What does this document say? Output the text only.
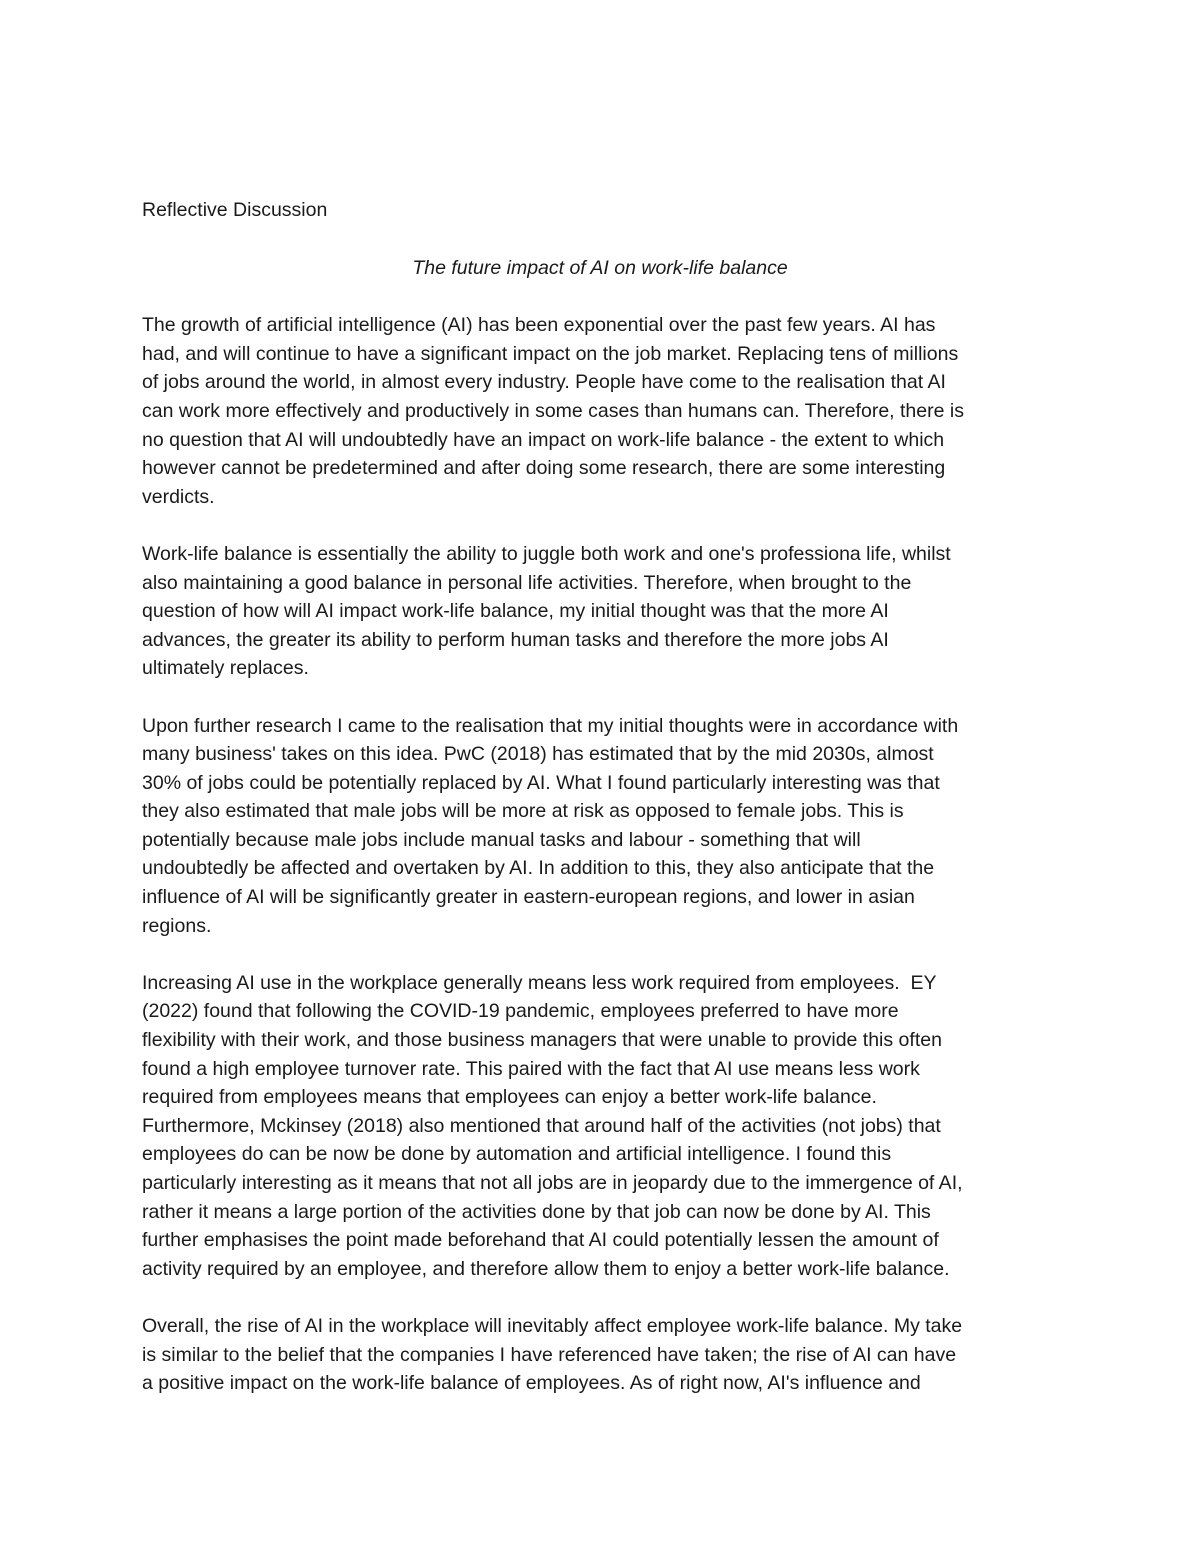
Reflective Discussion

The future impact of AI on work-life balance

The growth of artificial intelligence (AI) has been exponential over the past few years. AI has
had, and will continue to have a significant impact on the job market. Replacing tens of millions
of jobs around the world, in almost every industry. People have come to the realisation that AI
can work more effectively and productively in some cases than humans can. Therefore, there is
no question that AI will undoubtedly have an impact on work-life balance - the extent to which
however cannot be predetermined and after doing some research, there are some interesting
verdicts.

Work-life balance is essentially the ability to juggle both work and one's professiona life, whilst
also maintaining a good balance in personal life activities. Therefore, when brought to the
question of how will AI impact work-life balance, my initial thought was that the more AI
advances, the greater its ability to perform human tasks and therefore the more jobs AI
ultimately replaces.

Upon further research I came to the realisation that my initial thoughts were in accordance with
many business' takes on this idea. PwC (2018) has estimated that by the mid 2030s, almost
30% of jobs could be potentially replaced by AI. What I found particularly interesting was that
they also estimated that male jobs will be more at risk as opposed to female jobs. This is
potentially because male jobs include manual tasks and labour - something that will
undoubtedly be affected and overtaken by AI. In addition to this, they also anticipate that the
influence of AI will be significantly greater in eastern-european regions, and lower in asian
regions.

Increasing AI use in the workplace generally means less work required from employees.  EY
(2022) found that following the COVID-19 pandemic, employees preferred to have more
flexibility with their work, and those business managers that were unable to provide this often
found a high employee turnover rate. This paired with the fact that AI use means less work
required from employees means that employees can enjoy a better work-life balance.
Furthermore, Mckinsey (2018) also mentioned that around half of the activities (not jobs) that
employees do can be now be done by automation and artificial intelligence. I found this
particularly interesting as it means that not all jobs are in jeopardy due to the immergence of AI,
rather it means a large portion of the activities done by that job can now be done by AI. This
further emphasises the point made beforehand that AI could potentially lessen the amount of
activity required by an employee, and therefore allow them to enjoy a better work-life balance.

Overall, the rise of AI in the workplace will inevitably affect employee work-life balance. My take
is similar to the belief that the companies I have referenced have taken; the rise of AI can have
a positive impact on the work-life balance of employees. As of right now, AI's influence and
